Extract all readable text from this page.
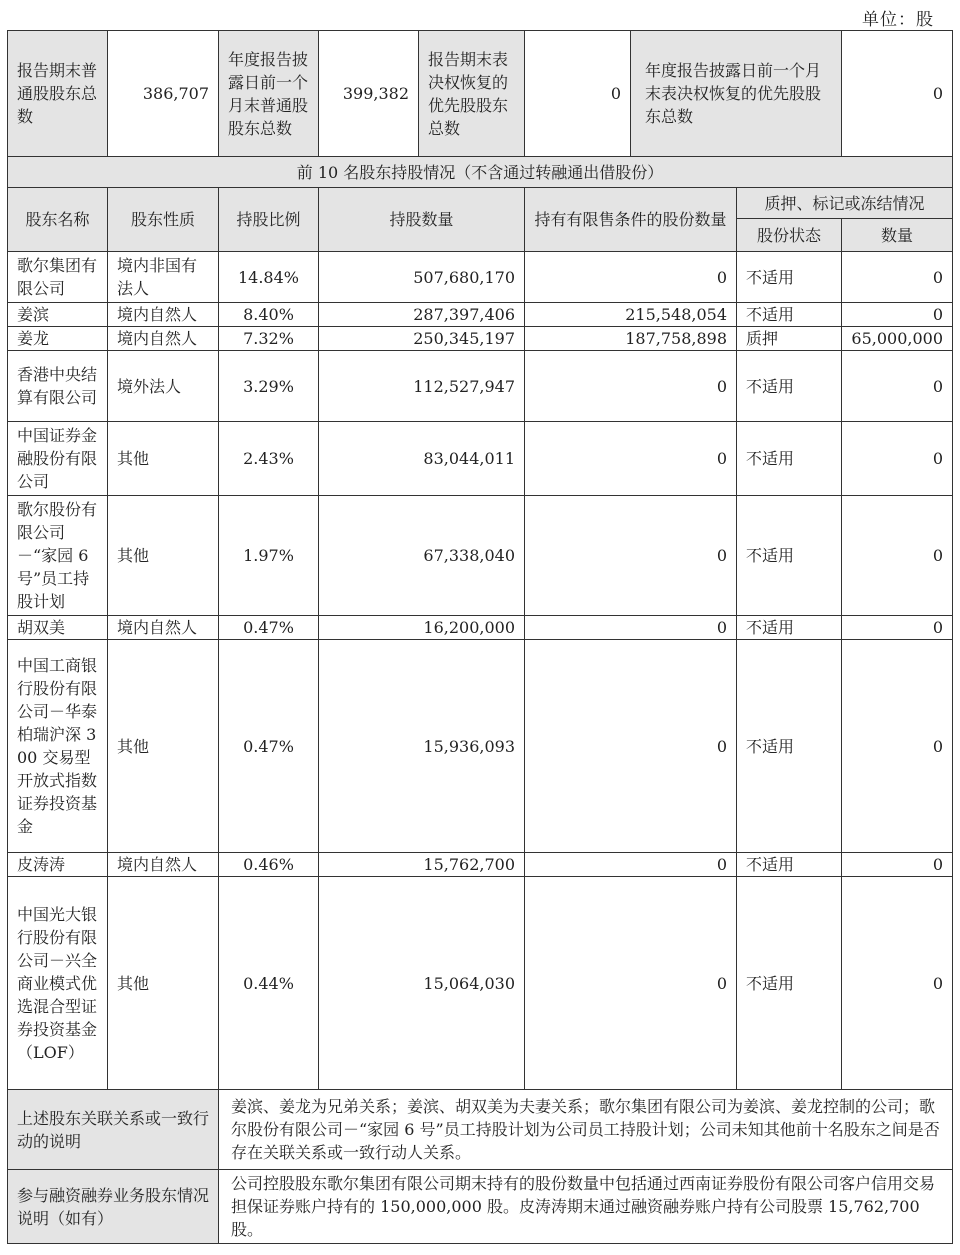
单位：股
报告期末普通股股东总数	386,707	年度报告披露日前一个月末普通股股东总数	399,382	报告期末表决权恢复的优先股股东总数	0	年度报告披露日前一个月末表决权恢复的优先股股东总数		0
前 10 名股东持股情况（不含通过转融通出借股份）								
股东名称	股东性质	持股比例	持股数量		持有有限售条件的股份数量		质押、标记或冻结情况	
							股份状态	数量
歌尔集团有限公司	境内非国有法人	14.84%	507,680,170		0		不适用	0
姜滨	境内自然人	8.40%	287,397,406		215,548,054		不适用	0
姜龙	境内自然人	7.32%	250,345,197		187,758,898		质押	65,000,000
香港中央结算有限公司	境外法人	3.29%	112,527,947		0		不适用	0
中国证券金融股份有限公司	其他	2.43%	83,044,011		0		不适用	0
歌尔股份有限公司－“家园 6 号”员工持股计划	其他	1.97%	67,338,040		0		不适用	0
胡双美	境内自然人	0.47%	16,200,000		0		不适用	0
中国工商银行股份有限公司－华泰柏瑞沪深 300 交易型开放式指数证券投资基金	其他	0.47%	15,936,093		0		不适用	0
皮涛涛	境内自然人	0.46%	15,762,700		0		不适用	0
中国光大银行股份有限公司－兴全商业模式优选混合型证券投资基金（LOF）	其他	0.44%	15,064,030		0		不适用	0
上述股东关联关系或一致行动的说明		姜滨、姜龙为兄弟关系；姜滨、胡双美为夫妻关系；歌尔集团有限公司为姜滨、姜龙控制的公司；歌尔股份有限公司－“家园 6 号”员工持股计划为公司员工持股计划；公司未知其他前十名股东之间是否存在关联关系或一致行动人关系。						
参与融资融券业务股东情况说明（如有）		公司控股股东歌尔集团有限公司期末持有的股份数量中包括通过西南证券股份有限公司客户信用交易担保证券账户持有的 150,000,000 股。皮涛涛期末通过融资融券账户持有公司股票 15,762,700 股。						
